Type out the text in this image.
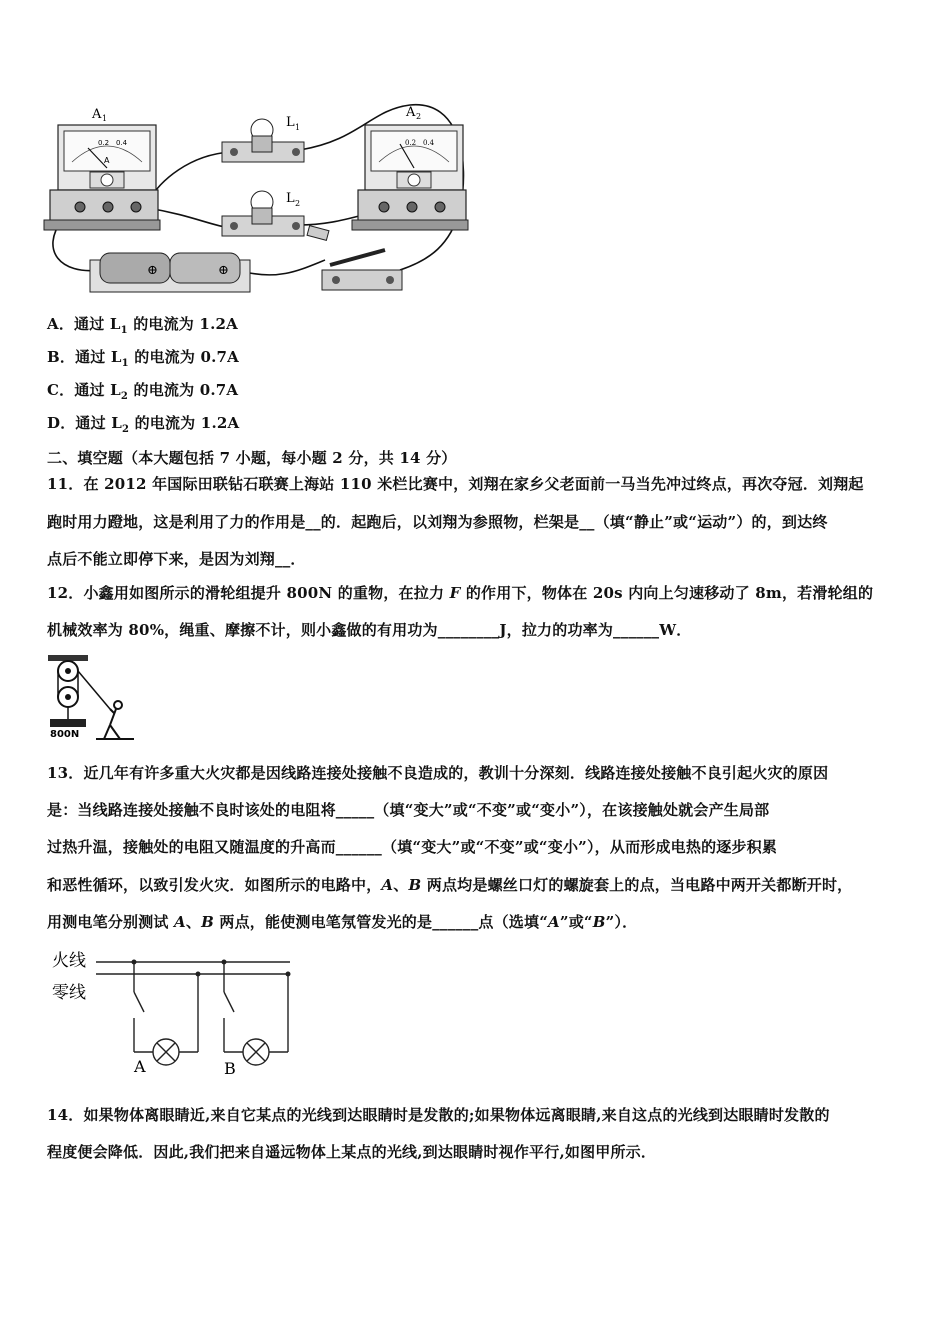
0.2 0.4
A
A 1	L 1
L 2
0.2 0.4
A 2
⊕	⊕
A．通过 $L_1$ 的电流为 1.2A
B．通过 $L_1$ 的电流为 0.7A
C．通过 $L_2$ 的电流为 0.7A
D．通过 $L_2$ 的电流为 1.2A
二、填空题（本大题包括 7 小题，每小题 2 分，共 14 分）
11．在 2012 年国际田联钻石联赛上海站 110 米栏比赛中，刘翔在家乡父老面前一马当先冲过终点，再次夺冠．刘翔起
跑时用力蹬地，这是利用了力的作用是__的．起跑后，以刘翔为参照物，栏架是__（填“静止”或“运动”）的，到达终
点后不能立即停下来，是因为刘翔__．
12．小鑫用如图所示的滑轮组提升 800N 的重物，在拉力 F 的作用下，物体在 20s 内向上匀速移动了 8m，若滑轮组的
机械效率为 80%，绳重、摩擦不计，则小鑫做的有用功为________J，拉力的功率为______W．
800N
13．近几年有许多重大火灾都是因线路连接处接触不良造成的，教训十分深刻．线路连接处接触不良引起火灾的原因
是：当线路连接处接触不良时该处的电阻将_____（填“变大”或“不变”或“变小”），在该接触处就会产生局部
过热升温，接触处的电阻又随温度的升高而______（填“变大”或“不变”或“变小”），从而形成电热的逐步积累
和恶性循环，以致引发火灾．如图所示的电路中，A、B 两点均是螺丝口灯的螺旋套上的点，当电路中两开关都断开时，
用测电笔分别测试 A、B 两点，能使测电笔氖管发光的是______点（选填“A”或“B”）．
火线
零线
A	B
14．如果物体离眼睛近,来自它某点的光线到达眼睛时是发散的;如果物体远离眼睛,来自这点的光线到达眼睛时发散的
程度便会降低．因此,我们把来自遥远物体上某点的光线,到达眼睛时视作平行,如图甲所示．
